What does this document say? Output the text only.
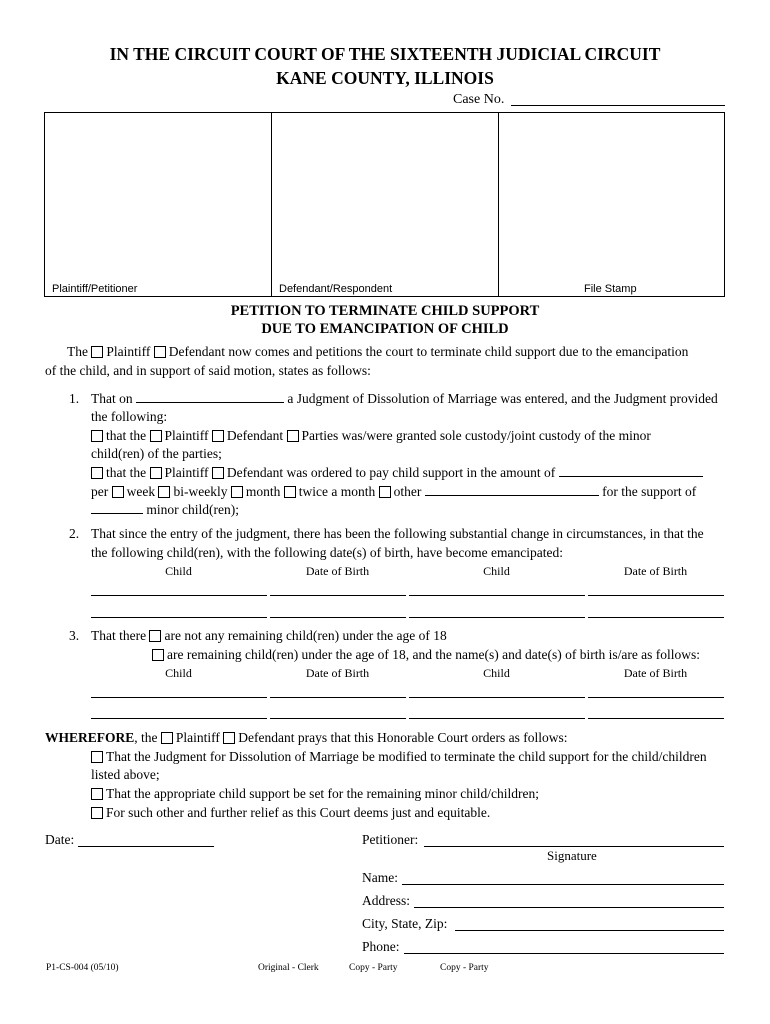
IN THE CIRCUIT COURT OF THE SIXTEENTH JUDICIAL CIRCUIT
KANE COUNTY, ILLINOIS
Case No.
Plaintiff/Petitioner	Defendant/Respondent	File Stamp
PETITION TO TERMINATE CHILD SUPPORT
DUE TO EMANCIPATION OF CHILD
The Plaintiff Defendant now comes and petitions the court to terminate child support due to the emancipation
of the child, and in support of said motion, states as follows:
1. That on	a Judgment of Dissolution of Marriage was entered, and the Judgment provided
the following:
that the Plaintiff Defendant Parties was/were granted sole custody/joint custody of the minor
child(ren) of the parties;
that the Plaintiff Defendant was ordered to pay child support in the amount of
per week bi-weekly month twice a month other	for the support of
minor child(ren);
2. That since the entry of the judgment, there has been the following substantial change in circumstances, in that the
the following child(ren), with the following date(s) of birth, have become emancipated:
Child	Date of Birth	Child	Date of Birth
3. That there are not any remaining child(ren) under the age of 18
are remaining child(ren) under the age of 18, and the name(s) and date(s) of birth is/are as follows:
Child	Date of Birth	Child	Date of Birth
WHEREFORE, the Plaintiff Defendant prays that this Honorable Court orders as follows:
That the Judgment for Dissolution of Marriage be modified to terminate the child support for the child/children
listed above;
That the appropriate child support be set for the remaining minor child/children;
For such other and further relief as this Court deems just and equitable.
Date:	Petitioner:
Signature
Name:
Address:
City, State, Zip:
Phone:
P1-CS-004 (05/10)	Original - Clerk	Copy - Party	Copy - Party
